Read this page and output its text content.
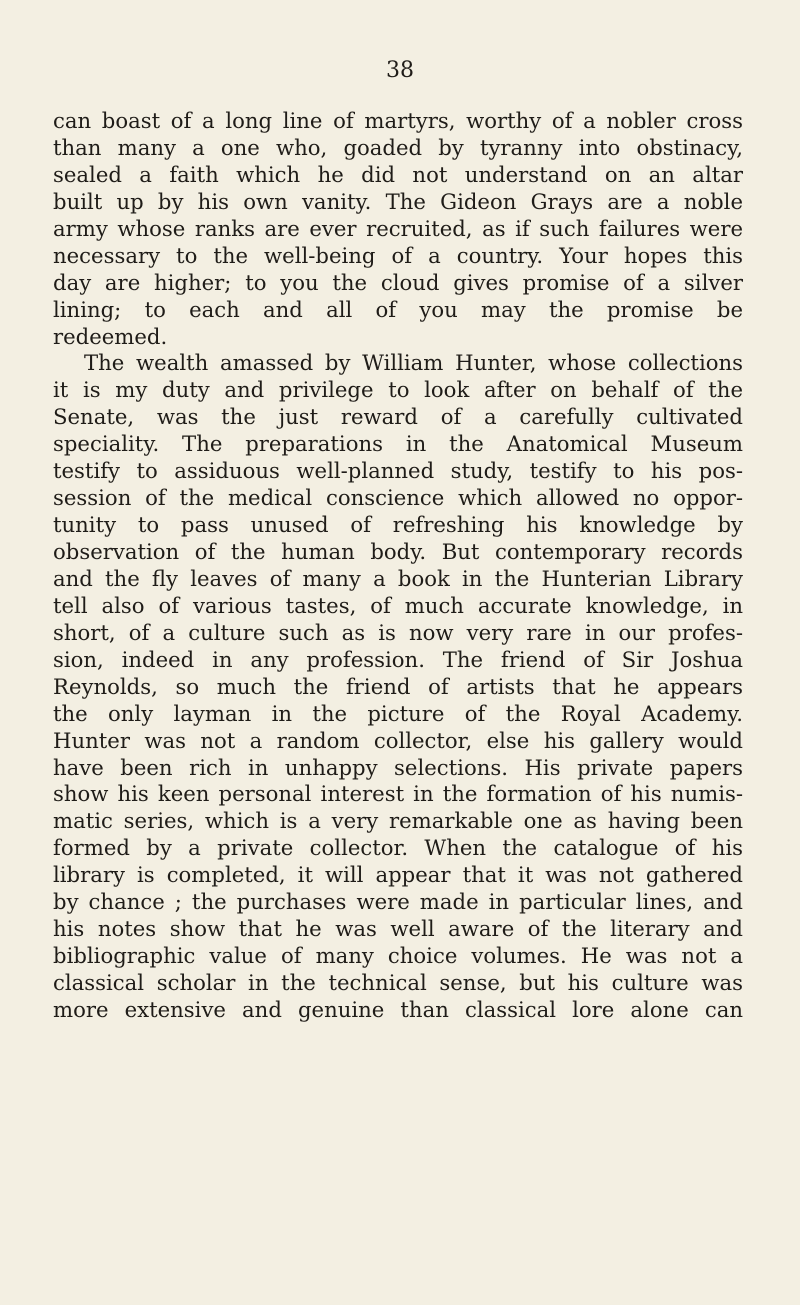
38
can boast of a long line of martyrs, worthy of a nobler cross
than many a one who, goaded by tyranny into obstinacy,
sealed a faith which he did not understand on an altar
built up by his own vanity. The Gideon Grays are a noble
army whose ranks are ever recruited, as if such failures were
necessary to the well-being of a country. Your hopes this
day are higher; to you the cloud gives promise of a silver
lining; to each and all of you may the promise be
redeemed.
The wealth amassed by William Hunter, whose collections
it is my duty and privilege to look after on behalf of the
Senate, was the just reward of a carefully cultivated
speciality. The preparations in the Anatomical Museum
testify to assiduous well-planned study, testify to his pos-
session of the medical conscience which allowed no oppor-
tunity to pass unused of refreshing his knowledge by
observation of the human body. But contemporary records
and the fly leaves of many a book in the Hunterian Library
tell also of various tastes, of much accurate knowledge, in
short, of a culture such as is now very rare in our profes-
sion, indeed in any profession. The friend of Sir Joshua
Reynolds, so much the friend of artists that he appears
the only layman in the picture of the Royal Academy.
Hunter was not a random collector, else his gallery would
have been rich in unhappy selections. His private papers
show his keen personal interest in the formation of his numis-
matic series, which is a very remarkable one as having been
formed by a private collector. When the catalogue of his
library is completed, it will appear that it was not gathered
by chance ; the purchases were made in particular lines, and
his notes show that he was well aware of the literary and
bibliographic value of many choice volumes. He was not a
classical scholar in the technical sense, but his culture was
more extensive and genuine than classical lore alone can
